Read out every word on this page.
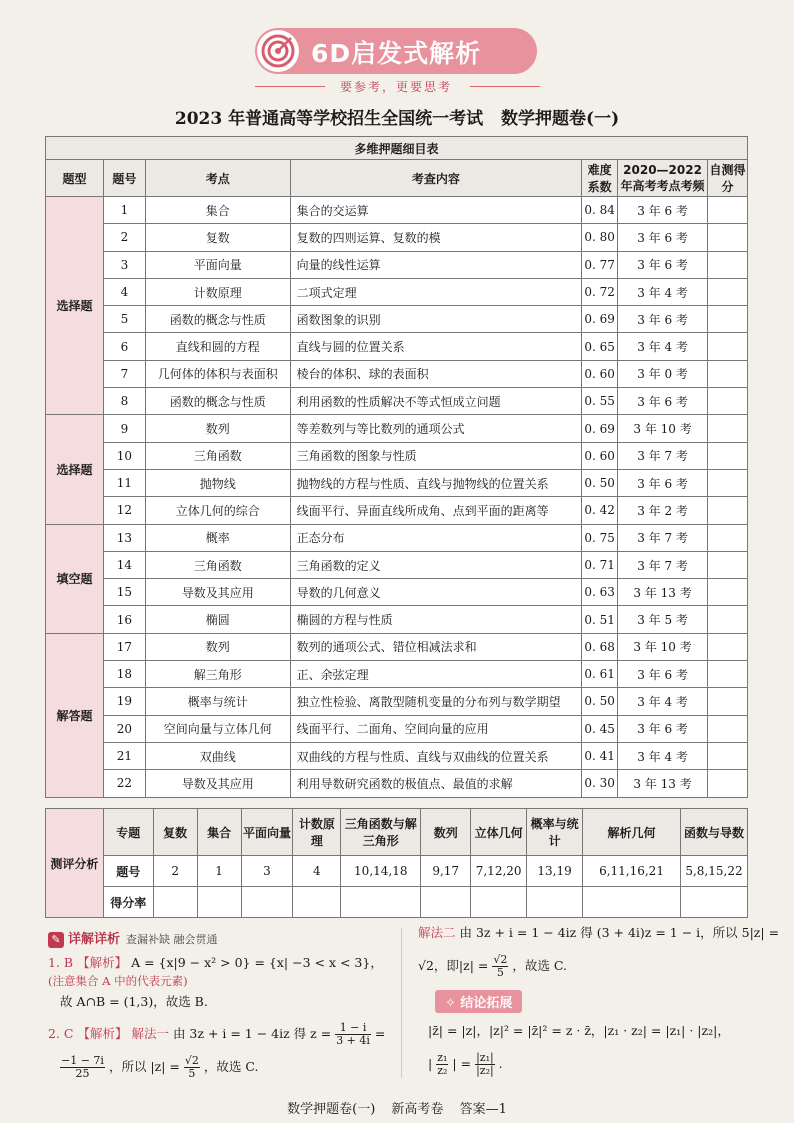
6D启发式解析
要参考，更要思考
2023 年普通高等学校招生全国统一考试 数学押题卷(一)
多维押题细目表						
题型	题号	考点	考查内容	难度系数	2020—2022 年高考考点考频	自测得分
选择题	1	集合	集合的交运算	0. 84	3 年 6 考	
	2	复数	复数的四则运算、复数的模	0. 80	3 年 6 考	
	3	平面向量	向量的线性运算	0. 77	3 年 6 考	
	4	计数原理	二项式定理	0. 72	3 年 4 考	
	5	函数的概念与性质	函数图象的识别	0. 69	3 年 6 考	
	6	直线和圆的方程	直线与圆的位置关系	0. 65	3 年 4 考	
	7	几何体的体积与表面积	棱台的体积、球的表面积	0. 60	3 年 0 考	
	8	函数的概念与性质	利用函数的性质解决不等式恒成立问题	0. 55	3 年 6 考	
选择题	9	数列	等差数列与等比数列的通项公式	0. 69	3 年 10 考	
	10	三角函数	三角函数的图象与性质	0. 60	3 年 7 考	
	11	抛物线	抛物线的方程与性质、直线与抛物线的位置关系	0. 50	3 年 6 考	
	12	立体几何的综合	线面平行、异面直线所成角、点到平面的距离等	0. 42	3 年 2 考	
填空题	13	概率	正态分布	0. 75	3 年 7 考	
	14	三角函数	三角函数的定义	0. 71	3 年 7 考	
	15	导数及其应用	导数的几何意义	0. 63	3 年 13 考	
	16	椭圆	椭圆的方程与性质	0. 51	3 年 5 考	
解答题	17	数列	数列的通项公式、错位相减法求和	0. 68	3 年 10 考	
	18	解三角形	正、余弦定理	0. 61	3 年 6 考	
	19	概率与统计	独立性检验、离散型随机变量的分布列与数学期望	0. 50	3 年 4 考	
	20	空间向量与立体几何	线面平行、二面角、空间向量的应用	0. 45	3 年 6 考	
	21	双曲线	双曲线的方程与性质、直线与双曲线的位置关系	0. 41	3 年 4 考	
	22	导数及其应用	利用导数研究函数的极值点、最值的求解	0. 30	3 年 13 考	
测评分析	专题	复数	集合	平面向量	计数原理	三角函数与解三角形	数列	立体几何	概率与统计	解析几何	函数与导数
	题号	2	1	3	4	10,14,18	9,17	7,12,20	13,19	6,11,16,21	5,8,15,22
	得分率										
✎ 详解详析 查漏补缺 融会贯通
1. B 【解析】 A = {x|9 − x² > 0} = {x| −3 < x < 3}，
(注意集合 A 中的代表元素)
故 A∩B = (1,3)，故选 B.
2. C 【解析】 解法一 由 3z + i = 1 − 4iz 得 $z = \frac{1 - i}{3 + 4i}$ =
$\frac{-1 - 7i}{25}$ ，所以 $|z| = \frac{√2}{5}$ ，故选 C.
解法二 由 3z + i = 1 − 4iz 得 (3 + 4i)z = 1 − i，所以 5|z| =
√2，即$|z| = \frac{√2}{5}$ ，故选 C.
✧ 结论拓展
|z̄| = |z|，|z|² = |z̄|² = z · z̄，|z₁ · z₂| = |z₁| · |z₂|，
| $\frac{\text{z₁}}{\text{z₂}}$ | = $\frac{\text{|z₁|}}{\text{|z₂|}}$ .
数学押题卷(一) 新高考卷 答案—1
